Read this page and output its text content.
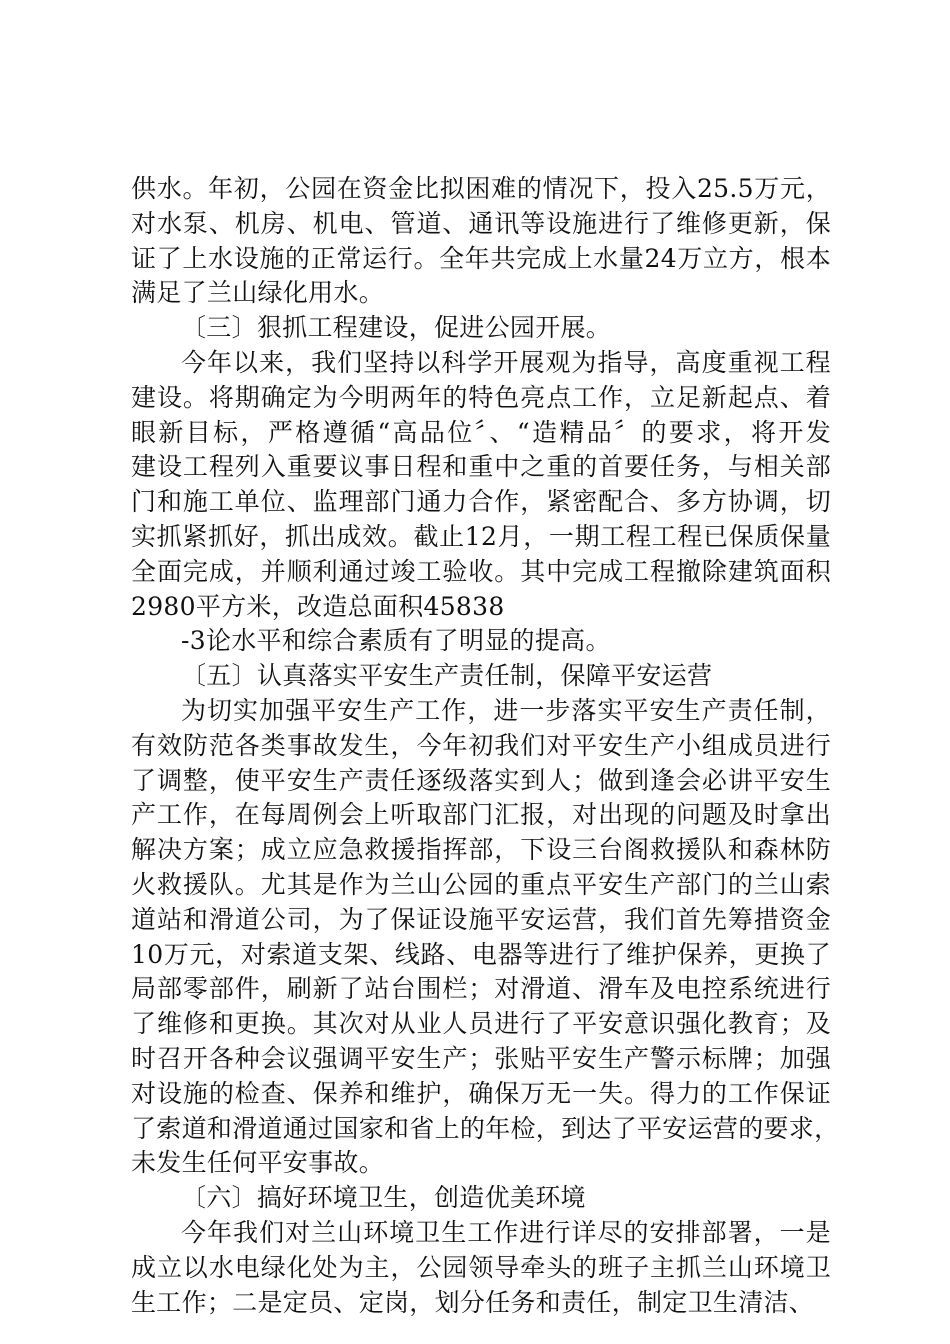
供水。年初，公园在资金比拟困难的情况下，投入25.5万元，
对水泵、机房、机电、管道、通讯等设施进行了维修更新，保
证了上水设施的正常运行。全年共完成上水量24万立方，根本
满足了兰山绿化用水。
〔三〕狠抓工程建设，促进公园开展。
今年以来，我们坚持以科学开展观为指导，高度重视工程
建设。将期确定为今明两年的特色亮点工作，立足新起点、着
眼新目标，严格遵循“高品位〞、“造精品〞的要求，将开发
建设工程列入重要议事日程和重中之重的首要任务，与相关部
门和施工单位、监理部门通力合作，紧密配合、多方协调，切
实抓紧抓好，抓出成效。截止12月，一期工程工程已保质保量
全面完成，并顺利通过竣工验收。其中完成工程撤除建筑面积
2980平方米，改造总面积45838
-3论水平和综合素质有了明显的提高。
〔五〕认真落实平安生产责任制，保障平安运营
为切实加强平安生产工作，进一步落实平安生产责任制，
有效防范各类事故发生，今年初我们对平安生产小组成员进行
了调整，使平安生产责任逐级落实到人；做到逢会必讲平安生
产工作，在每周例会上听取部门汇报，对出现的问题及时拿出
解决方案；成立应急救援指挥部，下设三台阁救援队和森林防
火救援队。尤其是作为兰山公园的重点平安生产部门的兰山索
道站和滑道公司，为了保证设施平安运营，我们首先筹措资金
10万元，对索道支架、线路、电器等进行了维护保养，更换了
局部零部件，刷新了站台围栏；对滑道、滑车及电控系统进行
了维修和更换。其次对从业人员进行了平安意识强化教育；及
时召开各种会议强调平安生产；张贴平安生产警示标牌；加强
对设施的检查、保养和维护，确保万无一失。得力的工作保证
了索道和滑道通过国家和省上的年检，到达了平安运营的要求，
未发生任何平安事故。
〔六〕搞好环境卫生，创造优美环境
今年我们对兰山环境卫生工作进行详尽的安排部署，一是
成立以水电绿化处为主，公园领导牵头的班子主抓兰山环境卫
生工作；二是定员、定岗，划分任务和责任，制定卫生清洁、
